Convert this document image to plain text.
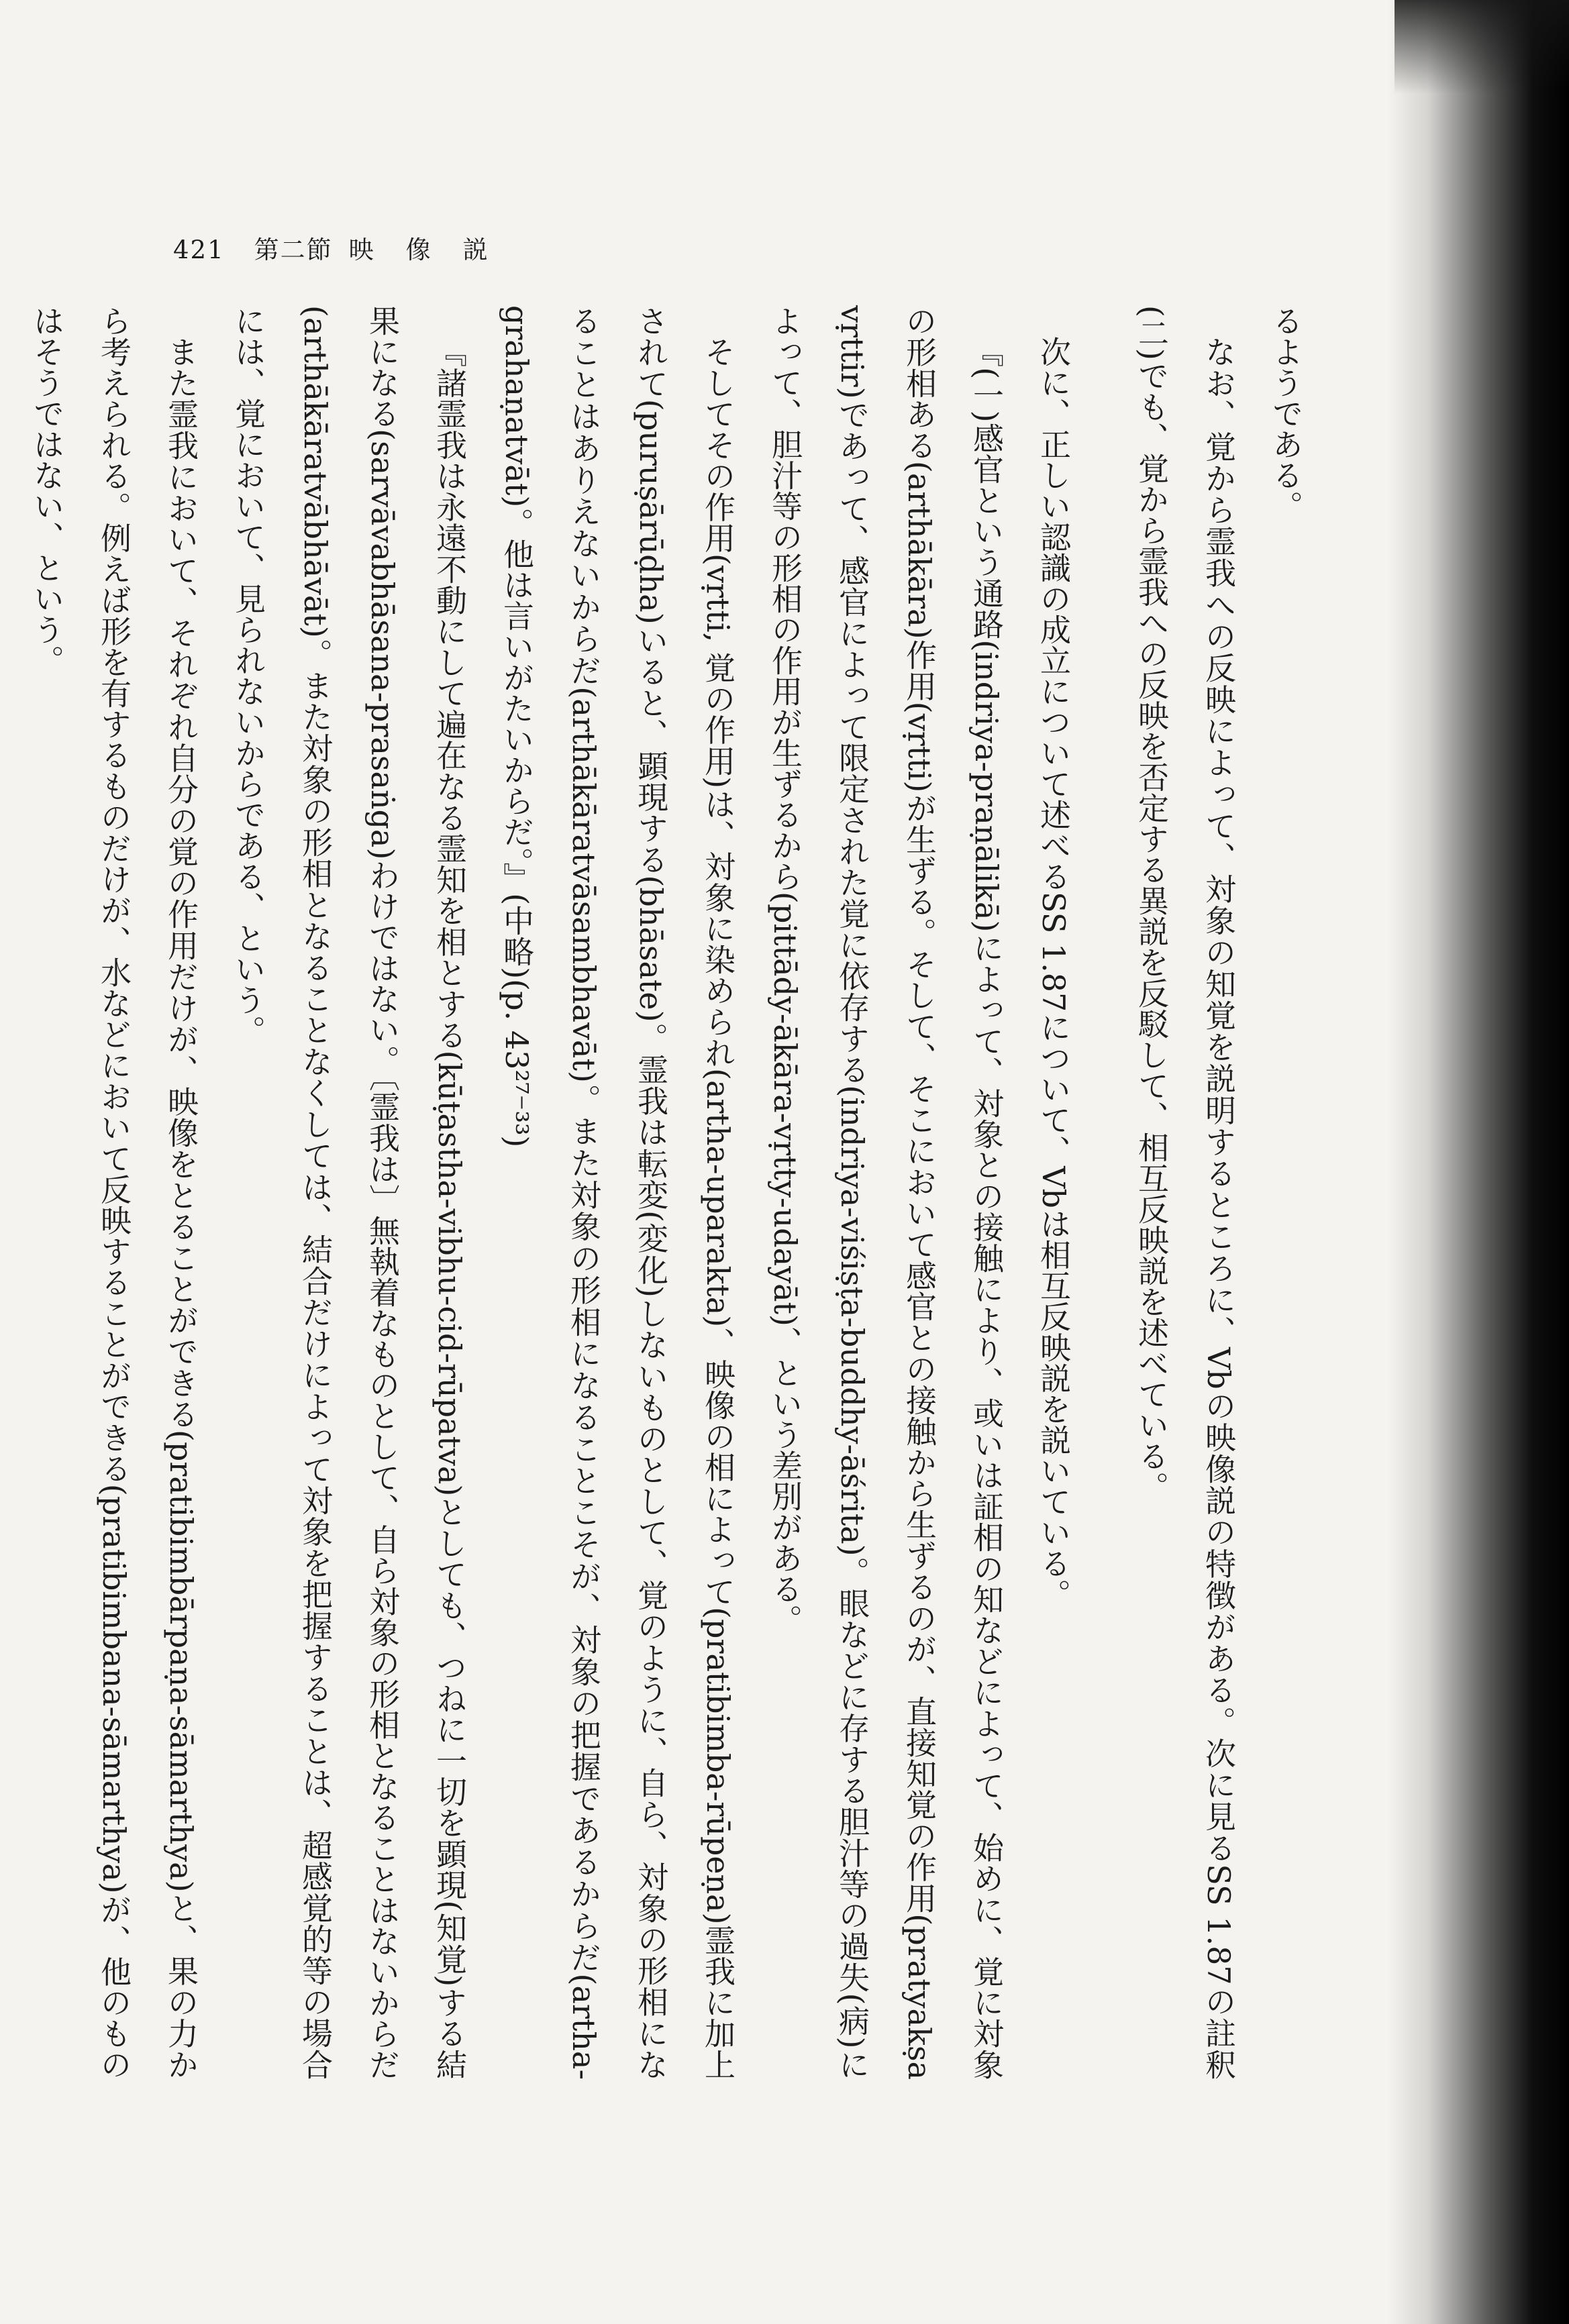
421 第二節 映 像 説

るようである。

なお、覚から霊我への反映によって、対象の知覚を説明するところに、Vbの映像説の特徴がある。次に見るSS 1.87の註釈(二)でも、覚から霊我への反映を否定する異説を反駁して、相互反映説を述べている。

次に、正しい認識の成立について述べるSS 1.87について、Vbは相互反映説を説いている。

『(一)感官という通路(indriya-praṇālikā)によって、対象との接触により、或いは証相の知などによって、始めに、覚に対象の形相ある(arthākāra)作用(vṛtti)が生ずる。そして、そこにおいて感官との接触から生ずるのが、直接知覚の作用(pratyakṣa vṛttir)であって、感官によって限定された覚に依存する(indriya-viśiṣṭa-buddhy-āśrita)。眼などに存する胆汁等の過失(病)によって、胆汁等の形相の作用が生ずるから(pittādy-ākāra-vṛtty-udayāt)、という差別がある。

そしてその作用(vṛtti, 覚の作用)は、対象に染められ(artha-uparakta)、映像の相によって(pratibimba-rūpeṇa)霊我に加上されて(puruṣārūḍha)いると、顕現する(bhāsate)。霊我は転変(変化)しないものとして、覚のように、自ら、対象の形相になることはありえないからだ(arthākāratvāsambhavāt)。また対象の形相になることこそが、対象の把握であるからだ(artha-grahaṇatvāt)。他は言いがたいからだ。』(中略)(p. 43²⁷⁻³³)

『諸霊我は永遠不動にして遍在なる霊知を相とする(kūṭastha-vibhu-cid-rūpatva)としても、つねに一切を顕現(知覚)する結果になる(sarvāvabhāsana-prasaṅga)わけではない。〔霊我は〕無執着なものとして、自ら対象の形相となることはないからだ(arthākāratvābhāvāt)。また対象の形相となることなくしては、結合だけによって対象を把握することは、超感覚的等の場合には、覚において、見られないからである、という。

また霊我において、それぞれ自分の覚の作用だけが、映像をとることができる(pratibimbārpaṇa-sāmarthya)と、果の力から考えられる。例えば形を有するものだけが、水などにおいて反映することができる(pratibimbana-sāmarthya)が、他のものはそうではない、という。
